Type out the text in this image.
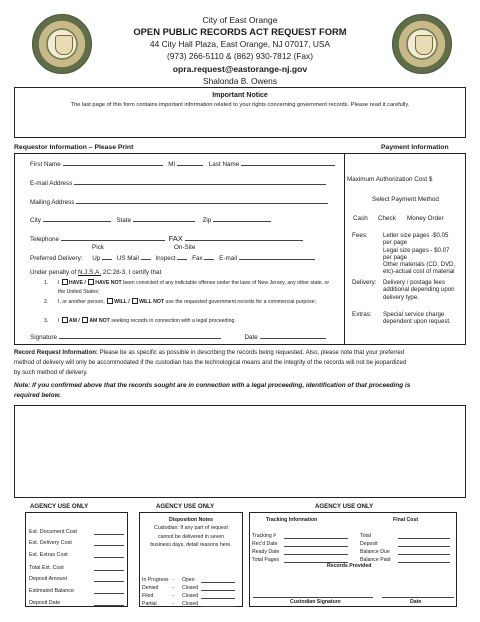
City of East Orange
OPEN PUBLIC RECORDS ACT REQUEST FORM
44 City Hall Plaza, East Orange, NJ 07017, USA
(973) 266-5110 & (862) 930-7812 (Fax)
opra.request@eastorange-nj.gov
Shalonda B. Owens
Important Notice
The last page of this form contains important information related to your rights concerning government records. Please read it carefully.
Requestor Information – Please Print	Payment Information
First Name	MI	Last Name
E-mail Address
Mailing Address
City	State	Zip
Telephone	FAX
Pick	On-Site
Preferred Delivery: Up	US Mail	Inspect	Fax	E-mail
Under penalty of N.J.S.A. 2C:28-3, I certify that
1. I HAVE / HAVE NOT been convicted of any indictable offense under the laws of New Jersey, any other state, or the United States;
2. I, or another person, WILL / WILL NOT use the requested government records for a commercial purpose;
3. I AM / AM NOT seeking records in connection with a legal proceeding.
Signature	Date
Maximum Authorization Cost $
Select Payment Method
Cash Check Money Order
Fees:	Letter size pages -$0.05
per page
Legal size pages - $0.07
per page
Other materials (CD, DVD,
etc)-actual cost of material
Delivery: Delivery / postage fees
additional depending upon
delivery type.
Extras: Special service charge
dependent upon request.
Record Request Information: Please be as specific as possible in describing the records being requested. Also, please note that your preferred
method of delivery will only be accommodated if the custodian has the technological means and the integrity of the records will not be jeopardized
by such method of delivery.
Note: If you confirmed above that the records sought are in connection with a legal proceeding, identification of that proceeding is
required below.
AGENCY USE ONLY	AGENCY USE ONLY	AGENCY USE ONLY
Est. Document Cost
Est. Delivery Cost
Est. Extras Cost
Total Est. Cost
Deposit Amount
Estimated Balance
Deposit Date
Disposition Notes
Custodian: If any part of request
cannot be delivered in seven
business days, detail reasons here.
In Progress -	Open
Denied	-	Closed
Filed	-	Closed
Partial	-	Closed
Tracking Information	Final Cost
Tracking #
Rec'd Date
Ready Date
Total Pages
Total
Deposit
Balance Due
Balance Paid
Records Provided
Custodian Signature	Date
